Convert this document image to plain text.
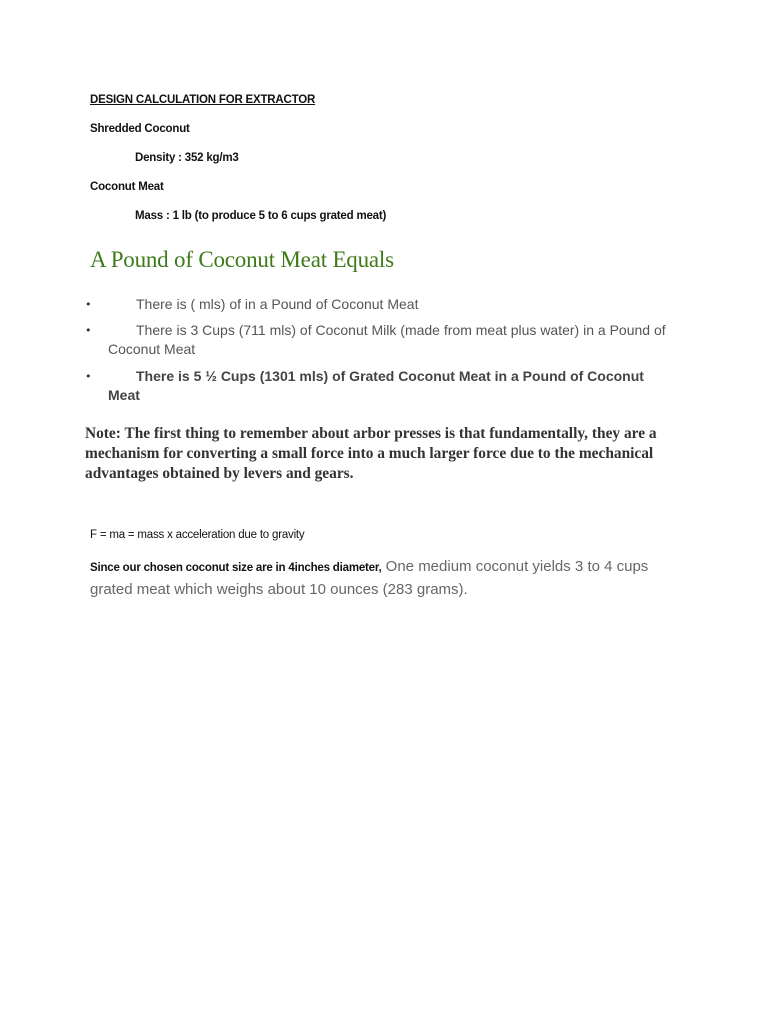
DESIGN CALCULATION FOR EXTRACTOR
Shredded Coconut
Density : 352 kg/m3
Coconut Meat
Mass : 1 lb (to produce 5 to 6 cups grated meat)
A Pound of Coconut Meat Equals
•	There is ( mls) of in a Pound of Coconut Meat
•	There is 3 Cups (711 mls) of Coconut Milk (made from meat plus water) in a Pound of Coconut Meat
•	There is 5 ½ Cups (1301 mls) of Grated Coconut Meat in a Pound of Coconut Meat
Note: The first thing to remember about arbor presses is that fundamentally, they are a mechanism for converting a small force into a much larger force due to the mechanical advantages obtained by levers and gears.
F = ma = mass x acceleration due to gravity
Since our chosen coconut size are in 4inches diameter, One medium coconut yields 3 to 4 cups grated meat which weighs about 10 ounces (283 grams).
